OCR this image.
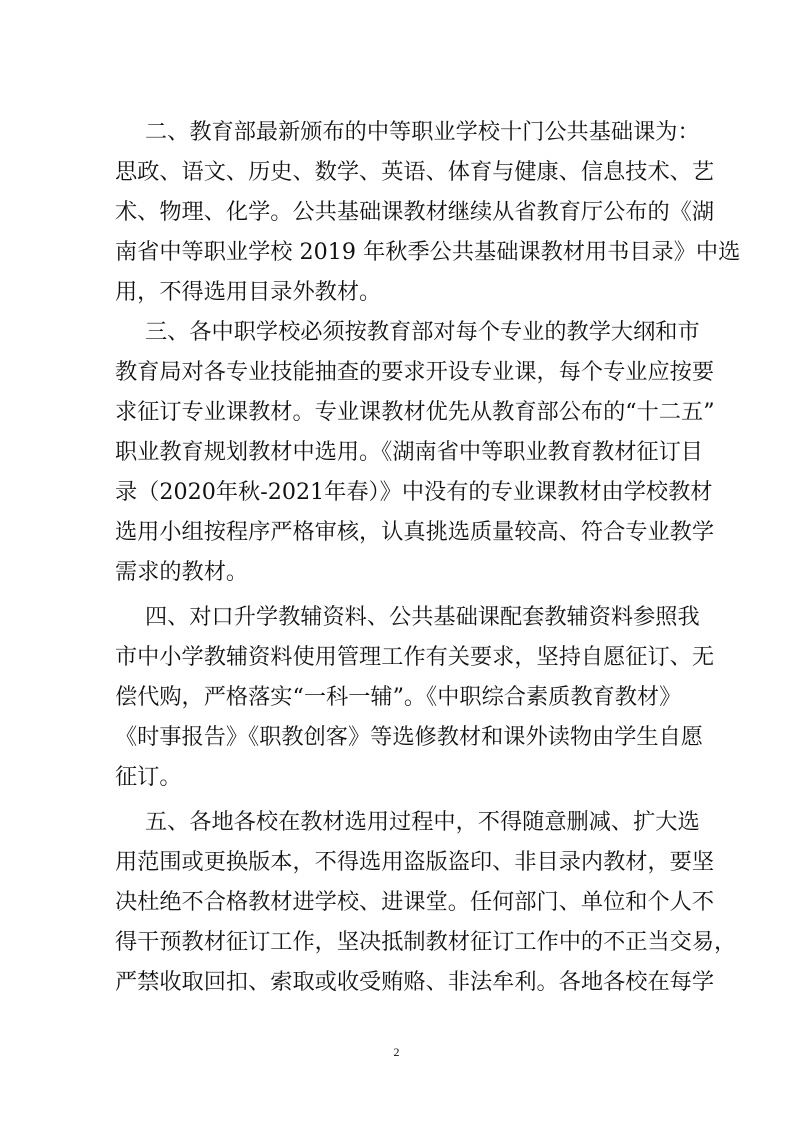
二、教育部最新颁布的中等职业学校十门公共基础课为：
思政、语文、历史、数学、英语、体育与健康、信息技术、艺
术、物理、化学。公共基础课教材继续从省教育厅公布的《湖
南省中等职业学校 2019 年秋季公共基础课教材用书目录》中选
用，不得选用目录外教材。
三、各中职学校必须按教育部对每个专业的教学大纲和市
教育局对各专业技能抽查的要求开设专业课，每个专业应按要
求征订专业课教材。专业课教材优先从教育部公布的“十二五”
职业教育规划教材中选用。《湖南省中等职业教育教材征订目
录（2020年秋-2021年春）》中没有的专业课教材由学校教材
选用小组按程序严格审核，认真挑选质量较高、符合专业教学
需求的教材。
四、对口升学教辅资料、公共基础课配套教辅资料参照我
市中小学教辅资料使用管理工作有关要求，坚持自愿征订、无
偿代购，严格落实“一科一辅”。《中职综合素质教育教材》
《时事报告》《职教创客》等选修教材和课外读物由学生自愿
征订。
五、各地各校在教材选用过程中，不得随意删减、扩大选
用范围或更换版本，不得选用盗版盗印、非目录内教材，要坚
决杜绝不合格教材进学校、进课堂。任何部门、单位和个人不
得干预教材征订工作，坚决抵制教材征订工作中的不正当交易，
严禁收取回扣、索取或收受贿赂、非法牟利。各地各校在每学
2
